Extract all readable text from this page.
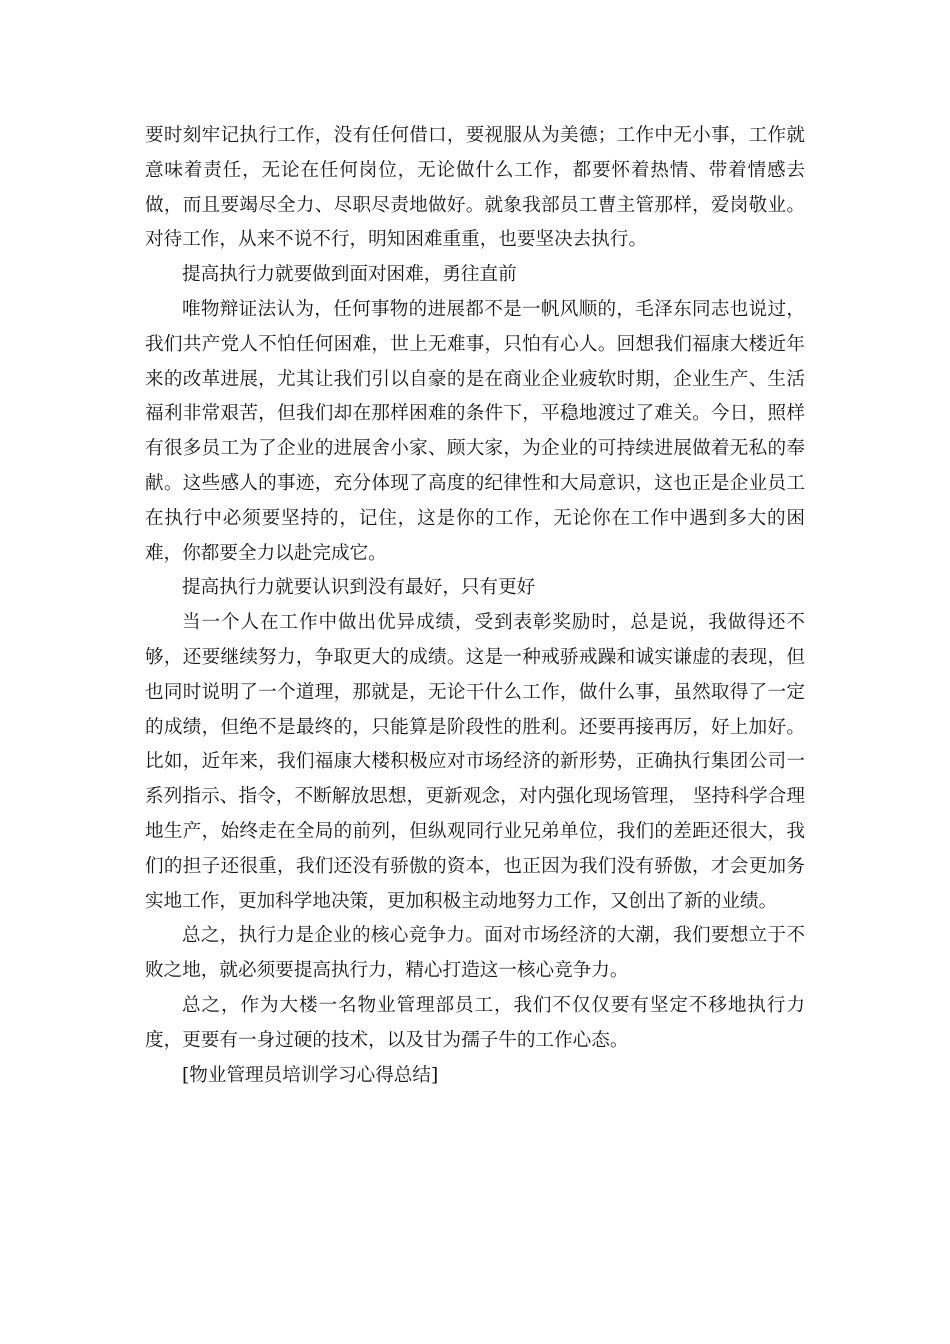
要时刻牢记执行工作，没有任何借口，要视服从为美德；工作中无小事，工作就意味着责任，无论在任何岗位，无论做什么工作，都要怀着热情、带着情感去做，而且要竭尽全力、尽职尽责地做好。就象我部员工曹主管那样，爱岗敬业。对待工作，从来不说不行，明知困难重重，也要坚决去执行。

提高执行力就要做到面对困难，勇往直前

唯物辩证法认为，任何事物的进展都不是一帆风顺的，毛泽东同志也说过，我们共产党人不怕任何困难，世上无难事，只怕有心人。回想我们福康大楼近年来的改革进展，尤其让我们引以自豪的是在商业企业疲软时期，企业生产、生活福利非常艰苦，但我们却在那样困难的条件下，平稳地渡过了难关。今日，照样有很多员工为了企业的进展舍小家、顾大家，为企业的可持续进展做着无私的奉献。这些感人的事迹，充分体现了高度的纪律性和大局意识，这也正是企业员工在执行中必须要坚持的，记住，这是你的工作，无论你在工作中遇到多大的困难，你都要全力以赴完成它。

提高执行力就要认识到没有最好，只有更好

当一个人在工作中做出优异成绩，受到表彰奖励时，总是说，我做得还不够，还要继续努力，争取更大的成绩。这是一种戒骄戒躁和诚实谦虚的表现，但也同时说明了一个道理，那就是，无论干什么工作，做什么事，虽然取得了一定的成绩，但绝不是最终的，只能算是阶段性的胜利。还要再接再厉，好上加好。比如，近年来，我们福康大楼积极应对市场经济的新形势，正确执行集团公司一系列指示、指令，不断解放思想，更新观念，对内强化现场管理， 坚持科学合理地生产，始终走在全局的前列，但纵观同行业兄弟单位，我们的差距还很大，我们的担子还很重，我们还没有骄傲的资本，也正因为我们没有骄傲，才会更加务实地工作，更加科学地决策，更加积极主动地努力工作，又创出了新的业绩。

总之，执行力是企业的核心竞争力。面对市场经济的大潮，我们要想立于不败之地，就必须要提高执行力，精心打造这一核心竞争力。

总之，作为大楼一名物业管理部员工，我们不仅仅要有坚定不移地执行力度，更要有一身过硬的技术，以及甘为孺子牛的工作心态。

[物业管理员培训学习心得总结]
